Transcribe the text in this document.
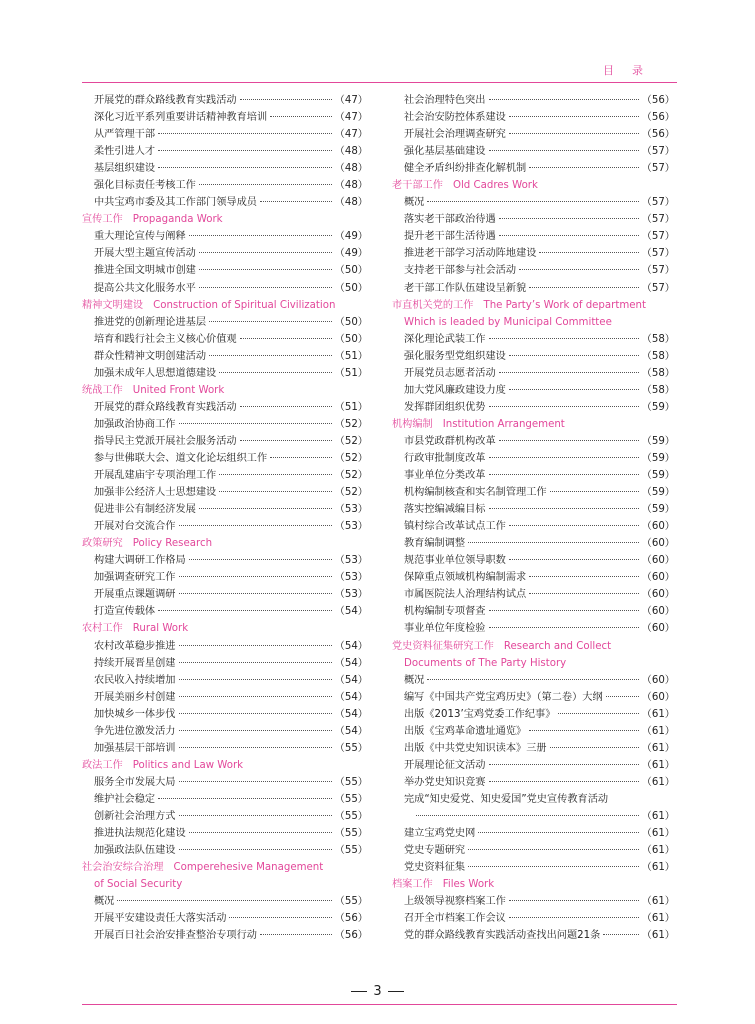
目录
开展党的群众路线教育实践活动	（47）
深化习近平系列重要讲话精神教育培训	（47）
从严管理干部	（47）
柔性引进人才	（48）
基层组织建设	（48）
强化目标责任考核工作	（48）
中共宝鸡市委及其工作部门领导成员	（48）
宣传工作 Propaganda Work
重大理论宣传与阐释	（49）
开展大型主题宣传活动	（49）
推进全国文明城市创建	（50）
提高公共文化服务水平	（50）
精神文明建设 Construction of Spiritual Civilization
推进党的创新理论进基层	（50）
培育和践行社会主义核心价值观	（50）
群众性精神文明创建活动	（51）
加强未成年人思想道德建设	（51）
统战工作 United Front Work
开展党的群众路线教育实践活动	（51）
加强政治协商工作	（52）
指导民主党派开展社会服务活动	（52）
参与世佛联大会、道文化论坛组织工作	（52）
开展乱建庙宇专项治理工作	（52）
加强非公经济人士思想建设	（52）
促进非公有制经济发展	（53）
开展对台交流合作	（53）
政策研究 Policy Research
构建大调研工作格局	（53）
加强调查研究工作	（53）
开展重点课题调研	（53）
打造宣传载体	（54）
农村工作 Rural Work
农村改革稳步推进	（54）
持续开展晋星创建	（54）
农民收入持续增加	（54）
开展美丽乡村创建	（54）
加快城乡一体步伐	（54）
争先进位激发活力	（54）
加强基层干部培训	（55）
政法工作 Politics and Law Work
服务全市发展大局	（55）
维护社会稳定	（55）
创新社会治理方式	（55）
推进执法规范化建设	（55）
加强政法队伍建设	（55）
社会治安综合治理 Comperehesive Management
of Social Security
概况	（55）
开展平安建设责任大落实活动	（56）
开展百日社会治安排查整治专项行动	（56）
社会治理特色突出	（56）
社会治安防控体系建设	（56）
开展社会治理调查研究	（56）
强化基层基础建设	（57）
健全矛盾纠纷排查化解机制	（57）
老干部工作 Old Cadres Work
概况	（57）
落实老干部政治待遇	（57）
提升老干部生活待遇	（57）
推进老干部学习活动阵地建设	（57）
支持老干部参与社会活动	（57）
老干部工作队伍建设呈新貌	（57）
市直机关党的工作 The Party’s Work of department
Which is leaded by Municipal Committee
深化理论武装工作	（58）
强化服务型党组织建设	（58）
开展党员志愿者活动	（58）
加大党风廉政建设力度	（58）
发挥群团组织优势	（59）
机构编制 Institution Arrangement
市县党政群机构改革	（59）
行政审批制度改革	（59）
事业单位分类改革	（59）
机构编制核查和实名制管理工作	（59）
落实控编减编目标	（59）
镇村综合改革试点工作	（60）
教育编制调整	（60）
规范事业单位领导职数	（60）
保障重点领域机构编制需求	（60）
市属医院法人治理结构试点	（60）
机构编制专项督查	（60）
事业单位年度检验	（60）
党史资料征集研究工作 Research and Collect
Documents of The Party History
概况	（60）
编写《中国共产党宝鸡历史》（第二卷）大纲	（60）
出版《2013’宝鸡党委工作纪事》	（61）
出版《宝鸡革命遗址通览》	（61）
出版《中共党史知识读本》三册	（61）
开展理论征文活动	（61）
举办党史知识竞赛	（61）
完成“知史爱党、知史爱国”党史宣传教育活动
（61）
建立宝鸡党史网	（61）
党史专题研究	（61）
党史资料征集	（61）
档案工作 Files Work
上级领导视察档案工作	（61）
召开全市档案工作会议	（61）
党的群众路线教育实践活动查找出问题21条	（61）
3
